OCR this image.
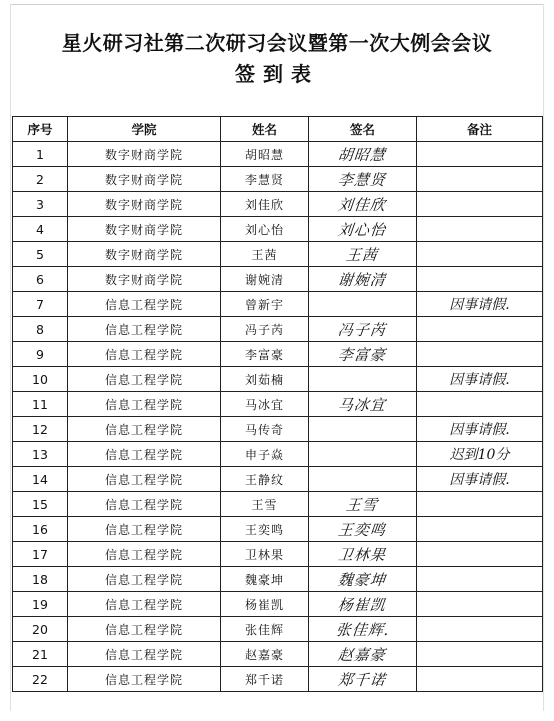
星火研习社第二次研习会议暨第一次大例会会议
签到表
序号	学院	姓名	签名	备注
1	数字财商学院	胡昭慧	胡昭慧	
2	数字财商学院	李慧贤	李慧贤	
3	数字财商学院	刘佳欣	刘佳欣	
4	数字财商学院	刘心怡	刘心怡	
5	数字财商学院	王茜	王茜	
6	数字财商学院	谢婉清	谢婉清	
7	信息工程学院	曾新宇		因事请假.
8	信息工程学院	冯子芮	冯子芮	
9	信息工程学院	李富豪	李富豪	
10	信息工程学院	刘茹楠		因事请假.
11	信息工程学院	马冰宜	马冰宜	
12	信息工程学院	马传奇		因事请假.
13	信息工程学院	申子焱		迟到10分
14	信息工程学院	王静纹		因事请假.
15	信息工程学院	王雪	王雪	
16	信息工程学院	王奕鸣	王奕鸣	
17	信息工程学院	卫林果	卫林果	
18	信息工程学院	魏豪坤	魏豪坤	
19	信息工程学院	杨崔凯	杨崔凯	
20	信息工程学院	张佳辉	张佳辉.	
21	信息工程学院	赵嘉豪	赵嘉豪	
22	信息工程学院	郑千诺	郑千诺	
